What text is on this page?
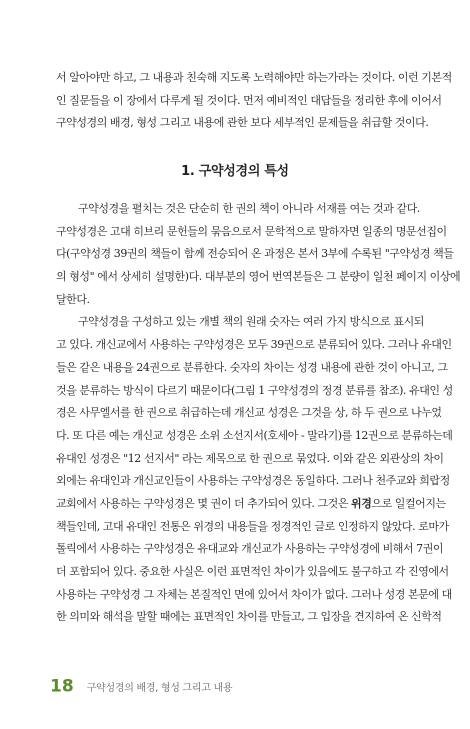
서 알아야만 하고, 그 내용과 친숙해 지도록 노력해야만 하는가라는 것이다. 이런 기본적
인 질문들을 이 장에서 다루게 될 것이다. 먼저 예비적인 대답들을 정리한 후에 이어서
구약성경의 배경, 형성 그리고 내용에 관한 보다 세부적인 문제들을 취급할 것이다.
1. 구약성경의 특성
구약성경을 펼치는 것은 단순히 한 권의 책이 아니라 서재를 여는 것과 같다.
구약성경은 고대 히브리 문헌들의 묶음으로서 문학적으로 말하자면 일종의 명문선집이
다(구약성경 39권의 책들이 함께 전승되어 온 과정은 본서 3부에 수록된 "구약성경 책들
의 형성" 에서 상세히 설명한)다. 대부분의 영어 번역본들은 그 분량이 일천 페이지 이상에
달한다.
구약성경을 구성하고 있는 개별 책의 원래 숫자는 여러 가지 방식으로 표시되
고 있다. 개신교에서 사용하는 구약성경은 모두 39권으로 분류되어 있다. 그러나 유대인
들은 같은 내용을 24권으로 분류한다. 숫자의 차이는 성경 내용에 관한 것이 아니고, 그
것을 분류하는 방식이 다르기 때문이다(그림 1 구약성경의 정경 분류를 참조). 유대인 성
경은 사무엘서를 한 권으로 취급하는데 개신교 성경은 그것을 상, 하 두 권으로 나누었
다. 또 다른 예는 개신교 성경은 소위 소선지서(호세아 - 말라기)를 12권으로 분류하는데
유대인 성경은 "12 선지서" 라는 제목으로 한 권으로 묶었다. 이와 같은 외관상의 차이
외에는 유대인과 개신교인들이 사용하는 구약성경은 동일하다. 그러나 천주교와 희랍정
교회에서 사용하는 구약성경은 몇 권이 더 추가되어 있다. 그것은 위경으로 일컬어지는
책들인데, 고대 유대인 전통은 위경의 내용들을 정경적인 글로 인정하지 않았다. 로마가
톨릭에서 사용하는 구약성경은 유대교와 개신교가 사용하는 구약성경에 비해서 7권이
더 포함되어 있다. 중요한 사실은 이런 표면적인 차이가 있음에도 불구하고 각 진영에서
사용하는 구약성경 그 자체는 본질적인 면에 있어서 차이가 없다. 그러나 성경 본문에 대
한 의미와 해석을 말할 때에는 표면적인 차이를 만들고, 그 입장을 견지하여 온 신학적
18 구약성경의 배경, 형성 그리고 내용
